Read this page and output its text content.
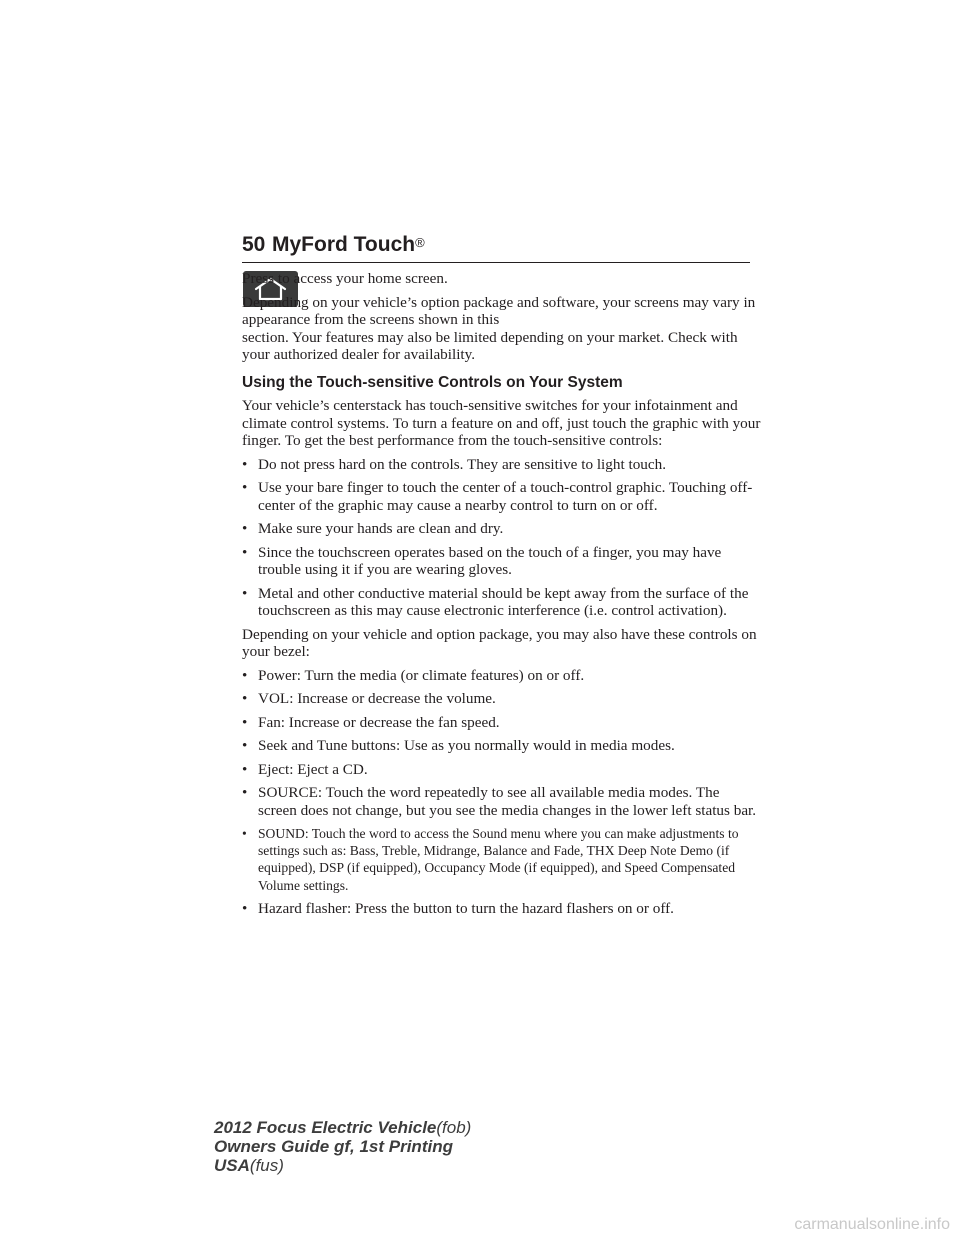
50 MyFord Touch®

Press to access your home screen.

Depending on your vehicle’s option package and software, your screens may vary in appearance from the screens shown in this

section. Your features may also be limited depending on your market. Check with your authorized dealer for availability.

Using the Touch-sensitive Controls on Your System

Your vehicle’s centerstack has touch-sensitive switches for your infotainment and climate control systems. To turn a feature on and off, just touch the graphic with your finger. To get the best performance from the touch-sensitive controls:

• Do not press hard on the controls. They are sensitive to light touch.
• Use your bare finger to touch the center of a touch-control graphic. Touching off-center of the graphic may cause a nearby control to turn on or off.
• Make sure your hands are clean and dry.
• Since the touchscreen operates based on the touch of a finger, you may have trouble using it if you are wearing gloves.
• Metal and other conductive material should be kept away from the surface of the touchscreen as this may cause electronic interference (i.e. control activation).

Depending on your vehicle and option package, you may also have these controls on your bezel:

• Power: Turn the media (or climate features) on or off.
• VOL: Increase or decrease the volume.
• Fan: Increase or decrease the fan speed.
• Seek and Tune buttons: Use as you normally would in media modes.
• Eject: Eject a CD.
• SOURCE: Touch the word repeatedly to see all available media modes. The screen does not change, but you see the media changes in the lower left status bar.
• SOUND: Touch the word to access the Sound menu where you can make adjustments to settings such as: Bass, Treble, Midrange, Balance and Fade, THX Deep Note Demo (if equipped), DSP (if equipped), Occupancy Mode (if equipped), and Speed Compensated Volume settings.
• Hazard flasher: Press the button to turn the hazard flashers on or off.
2012 Focus Electric Vehicle(fob)
Owners Guide gf, 1st Printing
USA(fus)
carmanualsonline.info
